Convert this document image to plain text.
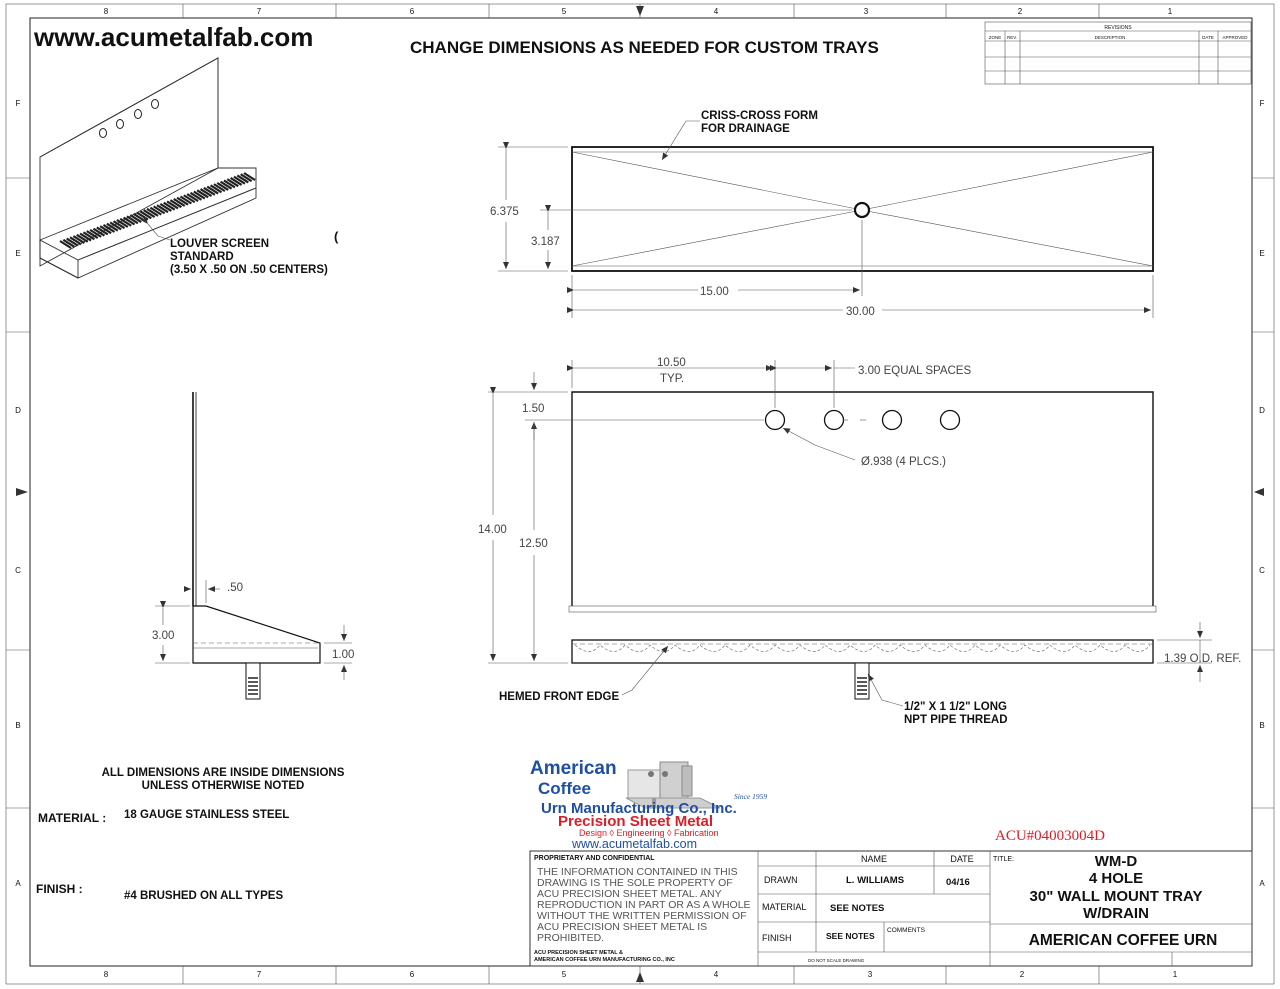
8	7	6	5	4	3	2	1
8	7	6	5	4	3	2	1
F
E
D
C
B
A
F
E
D
C
B
A
www.acumetalfab.com	CHANGE DIMENSIONS AS NEEDED FOR CUSTOM TRAYS
REVISIONS
ZONE REV.	DESCRIPTION	DATE APPROVED
LOUVER SCREEN
STANDARD
(3.50 X .50 ON .50 CENTERS)
(
CRISS-CROSS FORM
FOR DRAINAGE
6.375
3.187
15.00
30.00
10.50
TYP.
3.00 EQUAL SPACES
1.50
Ø.938 (4 PLCS.)
14.00
12.50
1.39 O.D. REF.
HEMED FRONT EDGE
1/2" X 1 1/2" LONG
NPT PIPE THREAD
.50
3.00
1.00
ALL DIMENSIONS ARE INSIDE DIMENSIONS
UNLESS OTHERWISE NOTED
MATERIAL : 18 GAUGE STAINLESS STEEL
FINISH :	#4 BRUSHED ON ALL TYPES
American
Coffee
Urn Manufacturing Co., Inc.
Since 1959
Precision Sheet Metal
Design ◊ Engineering ◊ Fabrication
www.acumetalfab.com	ACU#04003004D
PROPRIETARY AND CONFIDENTIAL
THE INFORMATION CONTAINED IN THIS
DRAWING IS THE SOLE PROPERTY OF
ACU PRECISION SHEET METAL. ANY
REPRODUCTION IN PART OR AS A WHOLE
WITHOUT THE WRITTEN PERMISSION OF
ACU PRECISION SHEET METAL IS
PROHIBITED.
ACU PRECISION SHEET METAL &
AMERICAN COFFEE URN MANUFACTURING CO., INC
NAME	DATE
DRAWN	L. WILLIAMS	04/16
MATERIAL SEE NOTES
FINISH	SEE NOTES
COMMENTS
DO NOT SCALE DRAWING
TITLE:	WM-D
4 HOLE
30" WALL MOUNT TRAY
W/DRAIN
AMERICAN COFFEE URN
